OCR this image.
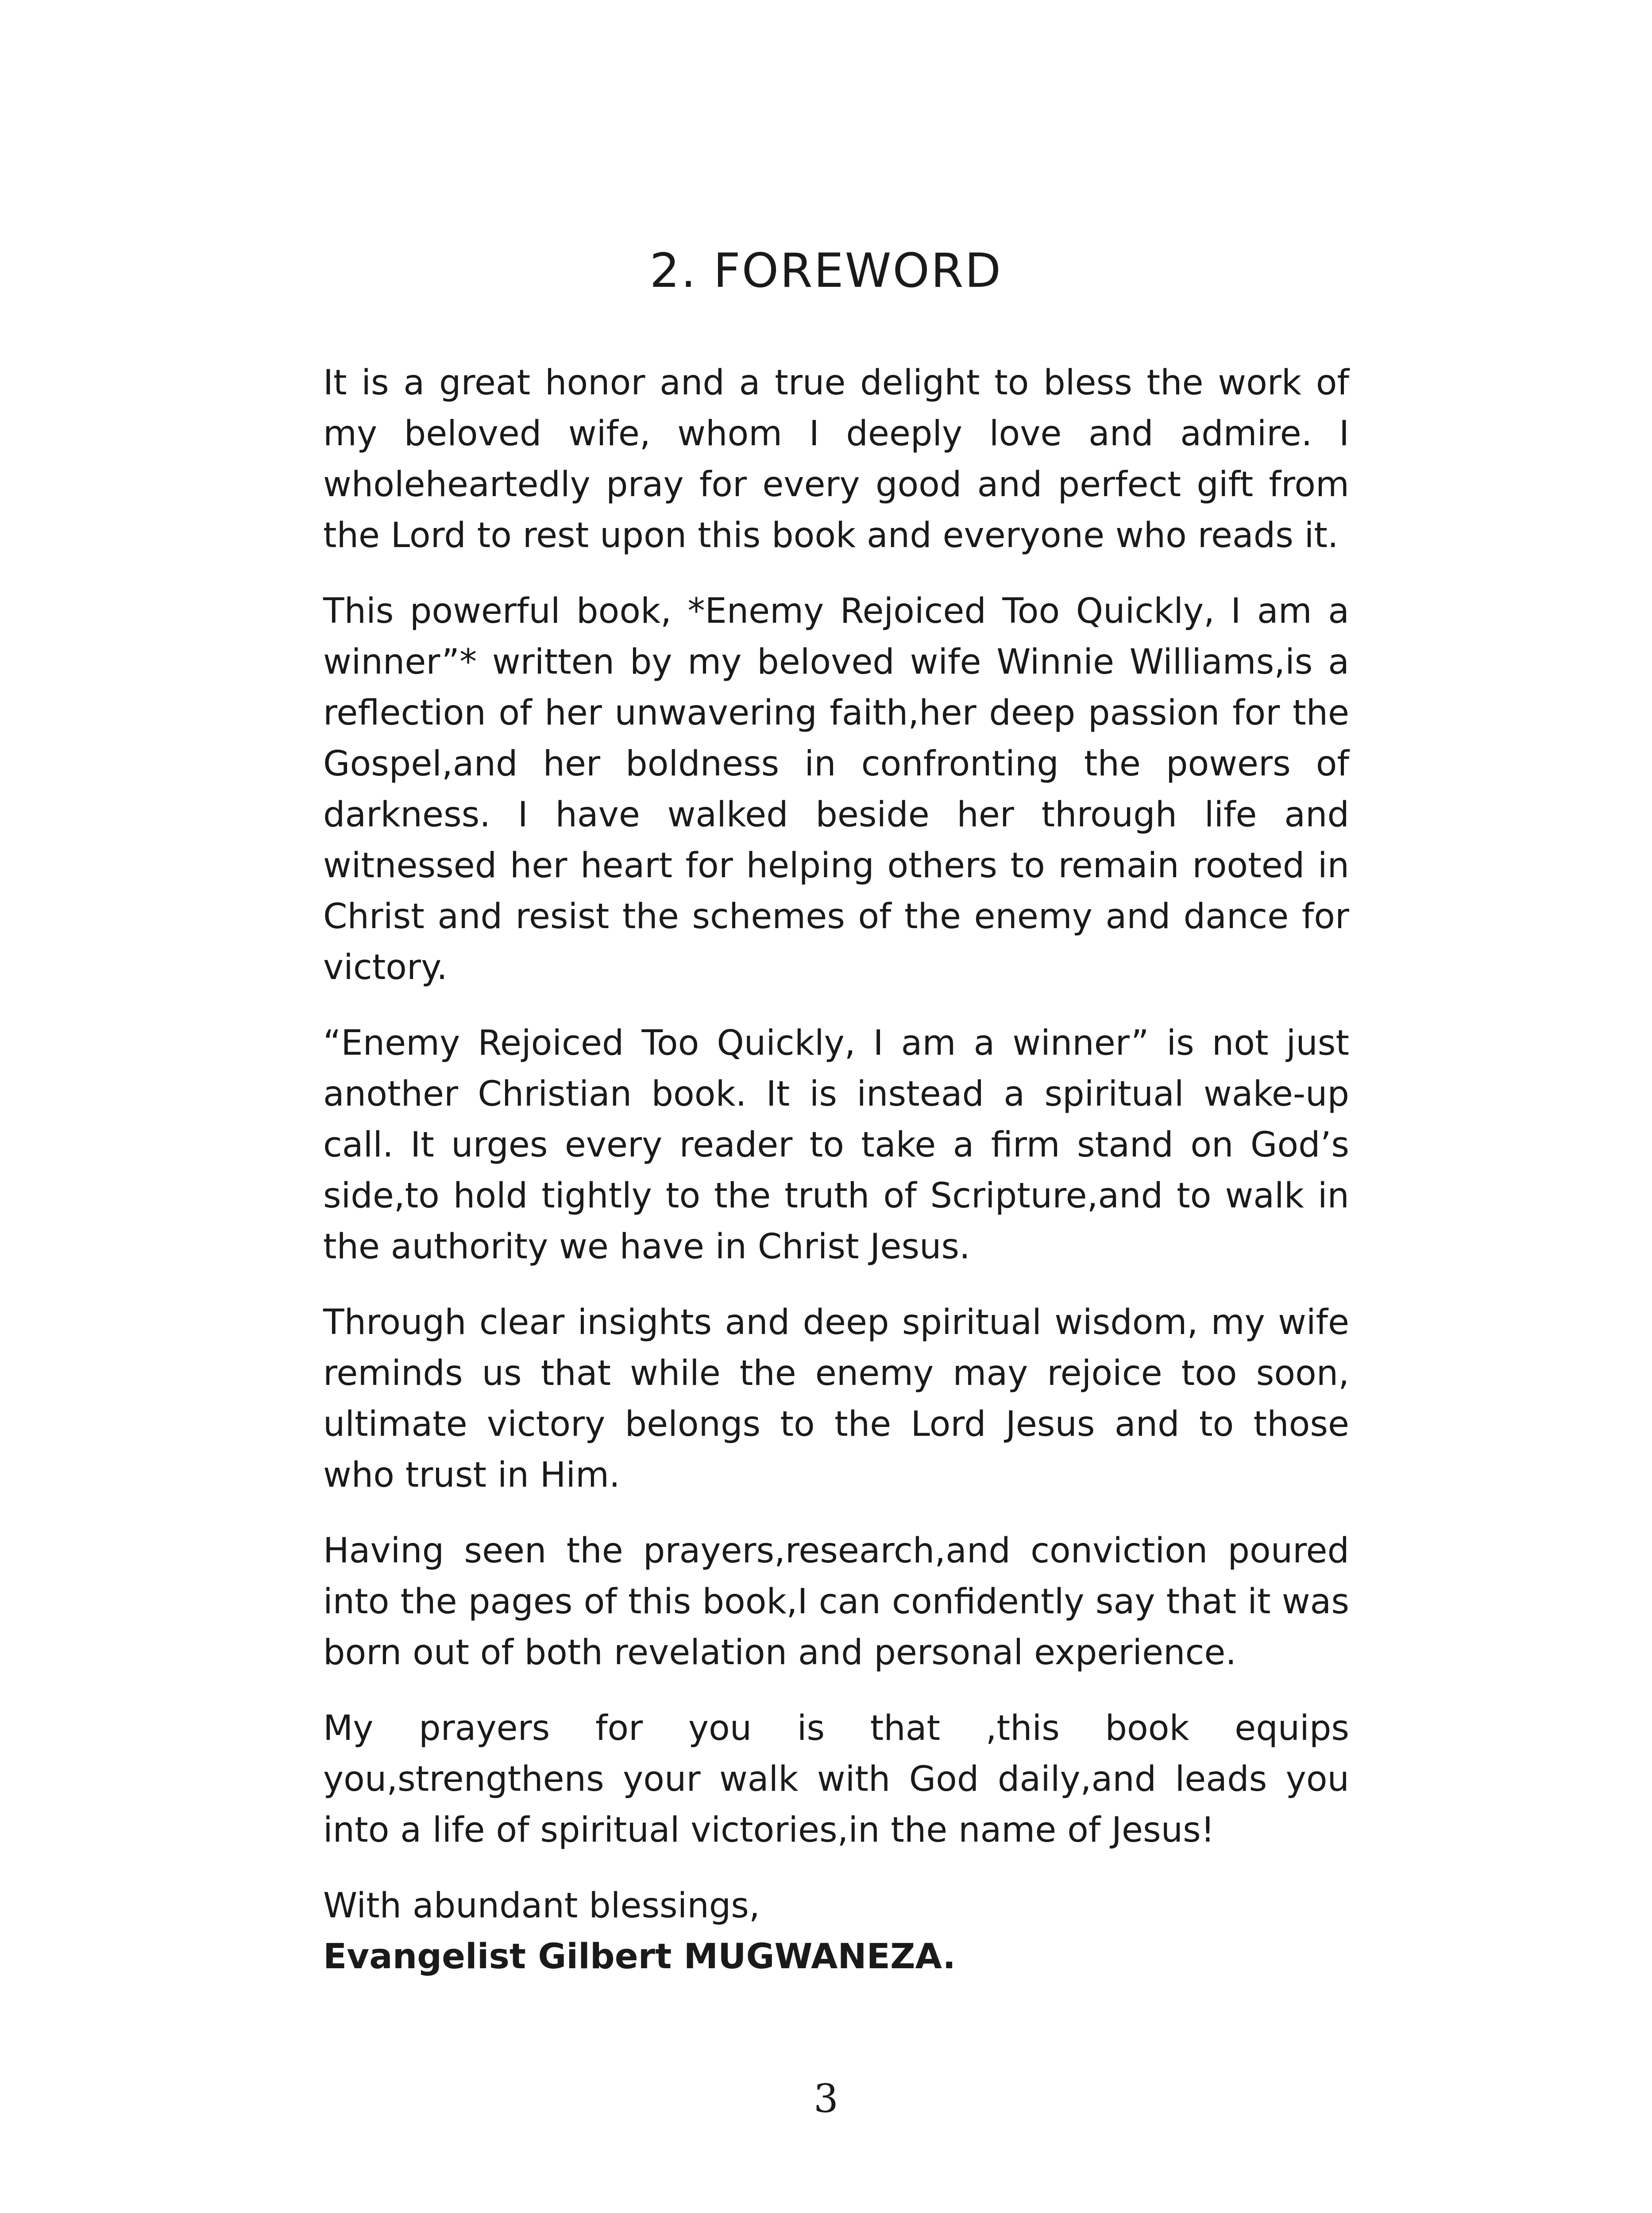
2. FOREWORD

It is a great honor and a true delight to bless the work of my beloved wife, whom I deeply love and admire. I wholeheartedly pray for every good and perfect gift from the Lord to rest upon this book and everyone who reads it.

This powerful book, *Enemy Rejoiced Too Quickly, I am a winner”* written by my beloved wife Winnie Williams,is a reflection of her unwavering faith,her deep passion for the Gospel,and her boldness in confronting the powers of darkness. I have walked beside her through life and witnessed her heart for helping others to remain rooted in Christ and resist the schemes of the enemy and dance for victory.

“Enemy Rejoiced Too Quickly, I am a winner” is not just another Christian book. It is instead a spiritual wake-up call. It urges every reader to take a firm stand on God’s side,to hold tightly to the truth of Scripture,and to walk in the authority we have in Christ Jesus.

Through clear insights and deep spiritual wisdom, my wife reminds us that while the enemy may rejoice too soon, ultimate victory belongs to the Lord Jesus and to those who trust in Him.

Having seen the prayers,research,and conviction poured into the pages of this book,I can confidently say that it was born out of both revelation and personal experience.

My prayers for you is that ,this book equips you,strengthens your walk with God daily,and leads you into a life of spiritual victories,in the name of Jesus!

With abundant blessings,

Evangelist Gilbert MUGWANEZA.

3
